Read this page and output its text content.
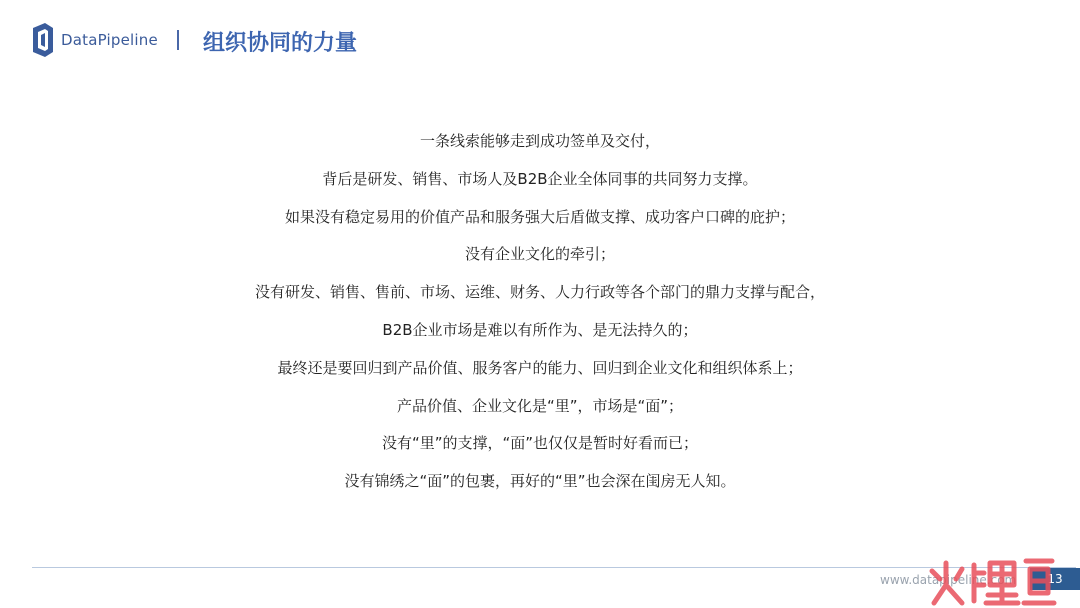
DataPipeline 组织协同的力量
一条线索能够走到成功签单及交付，
背后是研发、销售、市场人及B2B企业全体同事的共同努力支撑。
如果没有稳定易用的价值产品和服务强大后盾做支撑、成功客户口碑的庇护；
没有企业文化的牵引；
没有研发、销售、售前、市场、运维、财务、人力行政等各个部门的鼎力支撑与配合，
B2B企业市场是难以有所作为、是无法持久的；
最终还是要回归到产品价值、服务客户的能力、回归到企业文化和组织体系上；
产品价值、企业文化是“里”，市场是“面”；
没有“里”的支撑，“面”也仅仅是暂时好看而已；
没有锦绣之“面”的包裹，再好的“里”也会深在闺房无人知。
www.datapipeline.com	13
